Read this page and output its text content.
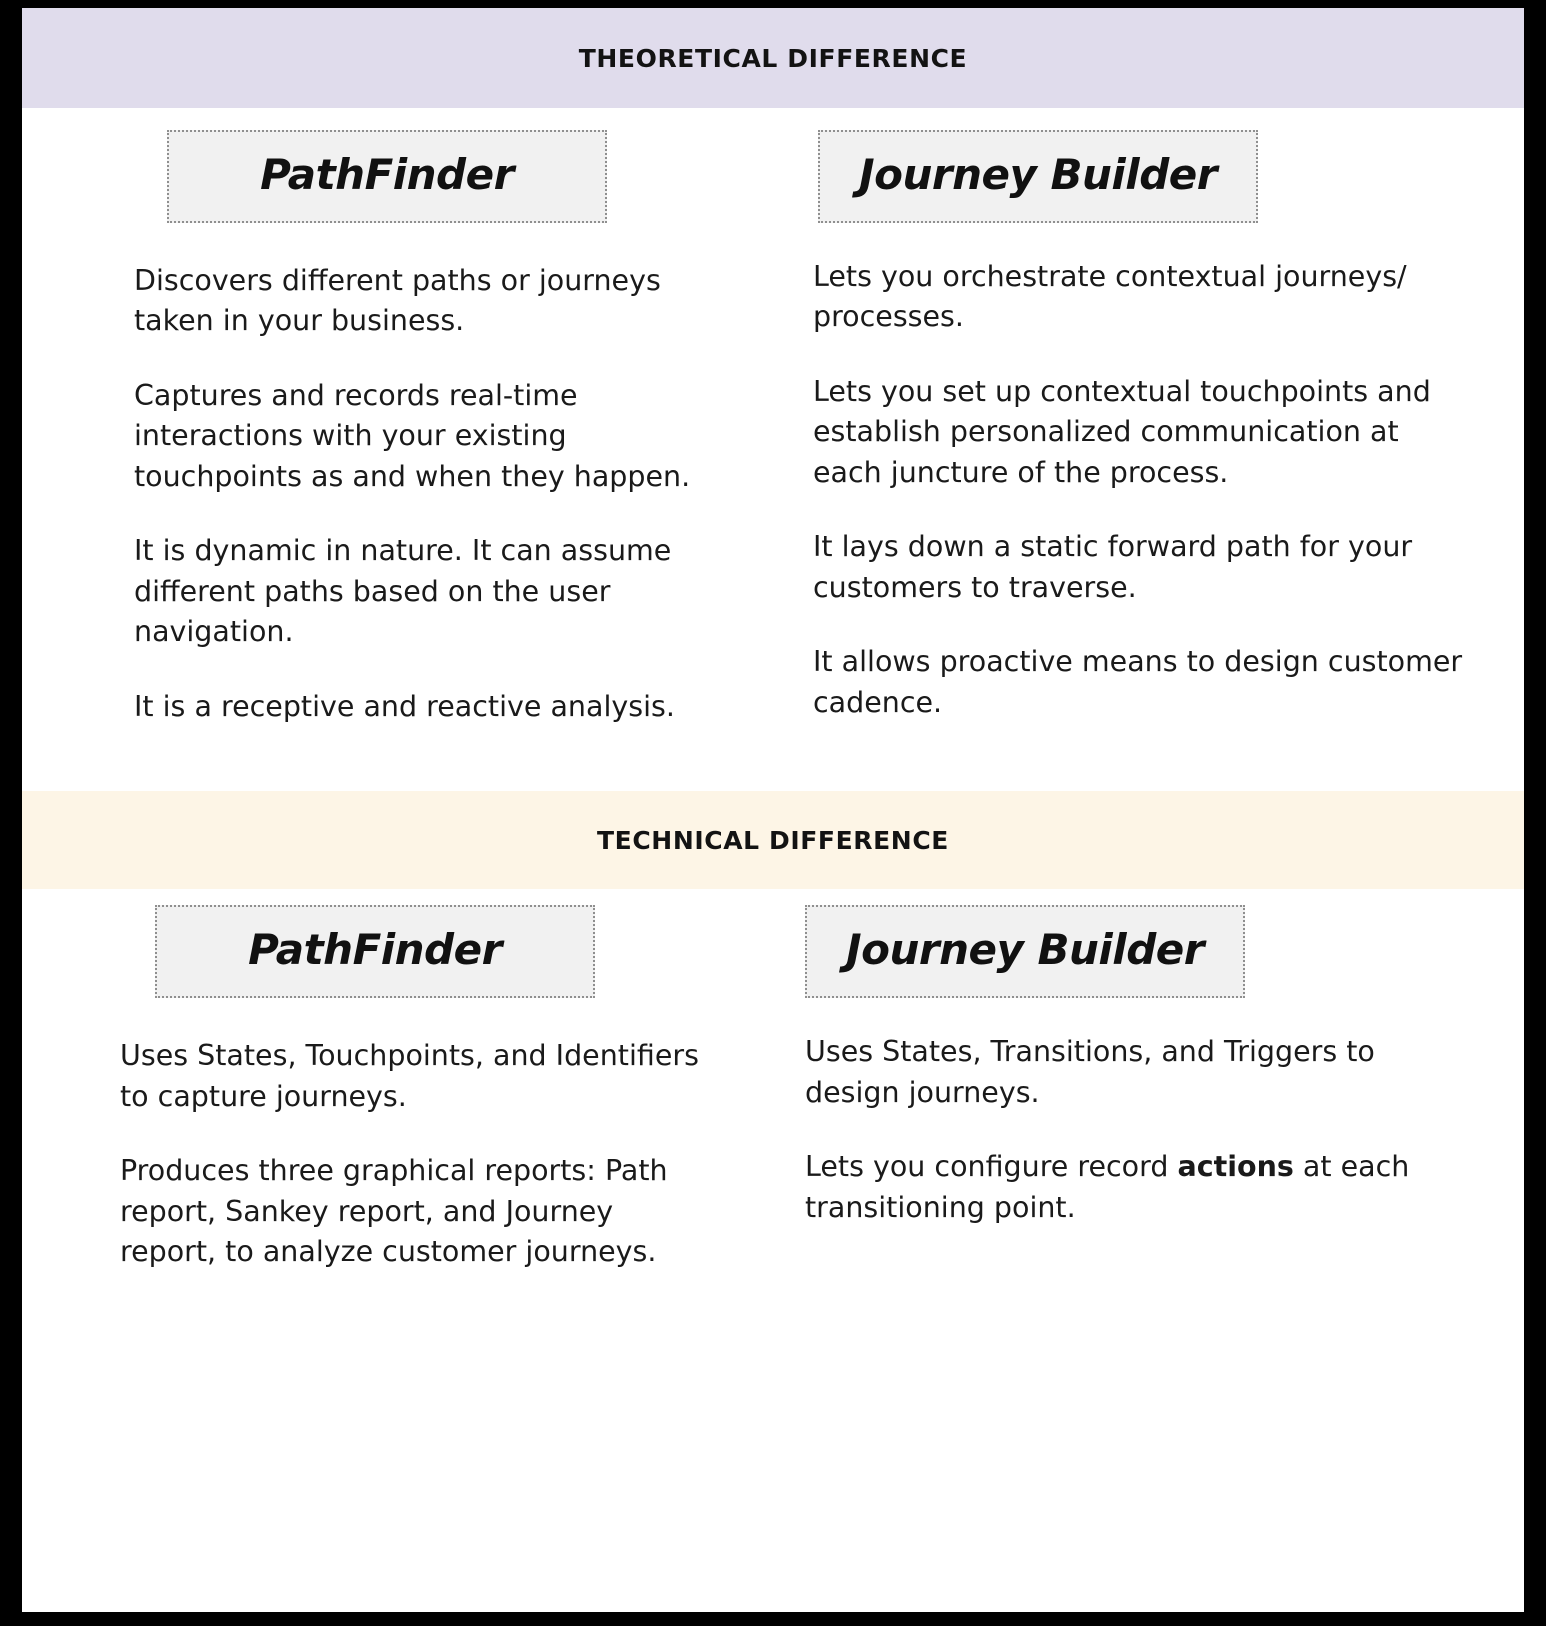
THEORETICAL DIFFERENCE
PathFinder

Discovers different paths or journeys taken in your business.

Captures and records real-time interactions with your existing touchpoints as and when they happen.

It is dynamic in nature. It can assume different paths based on the user navigation.

It is a receptive and reactive analysis.

Journey Builder

Lets you orchestrate contextual journeys/ processes.

Lets you set up contextual touchpoints and establish personalized communication at each juncture of the process.

It lays down a static forward path for your customers to traverse.

It allows proactive means to design customer cadence.

TECHNICAL DIFFERENCE
PathFinder

Uses States, Touchpoints, and Identifiers to capture journeys.

Produces three graphical reports: Path report, Sankey report, and Journey report, to analyze customer journeys.

Journey Builder

Uses States, Transitions, and Triggers to design journeys.

Lets you configure record actions at each transitioning point.
